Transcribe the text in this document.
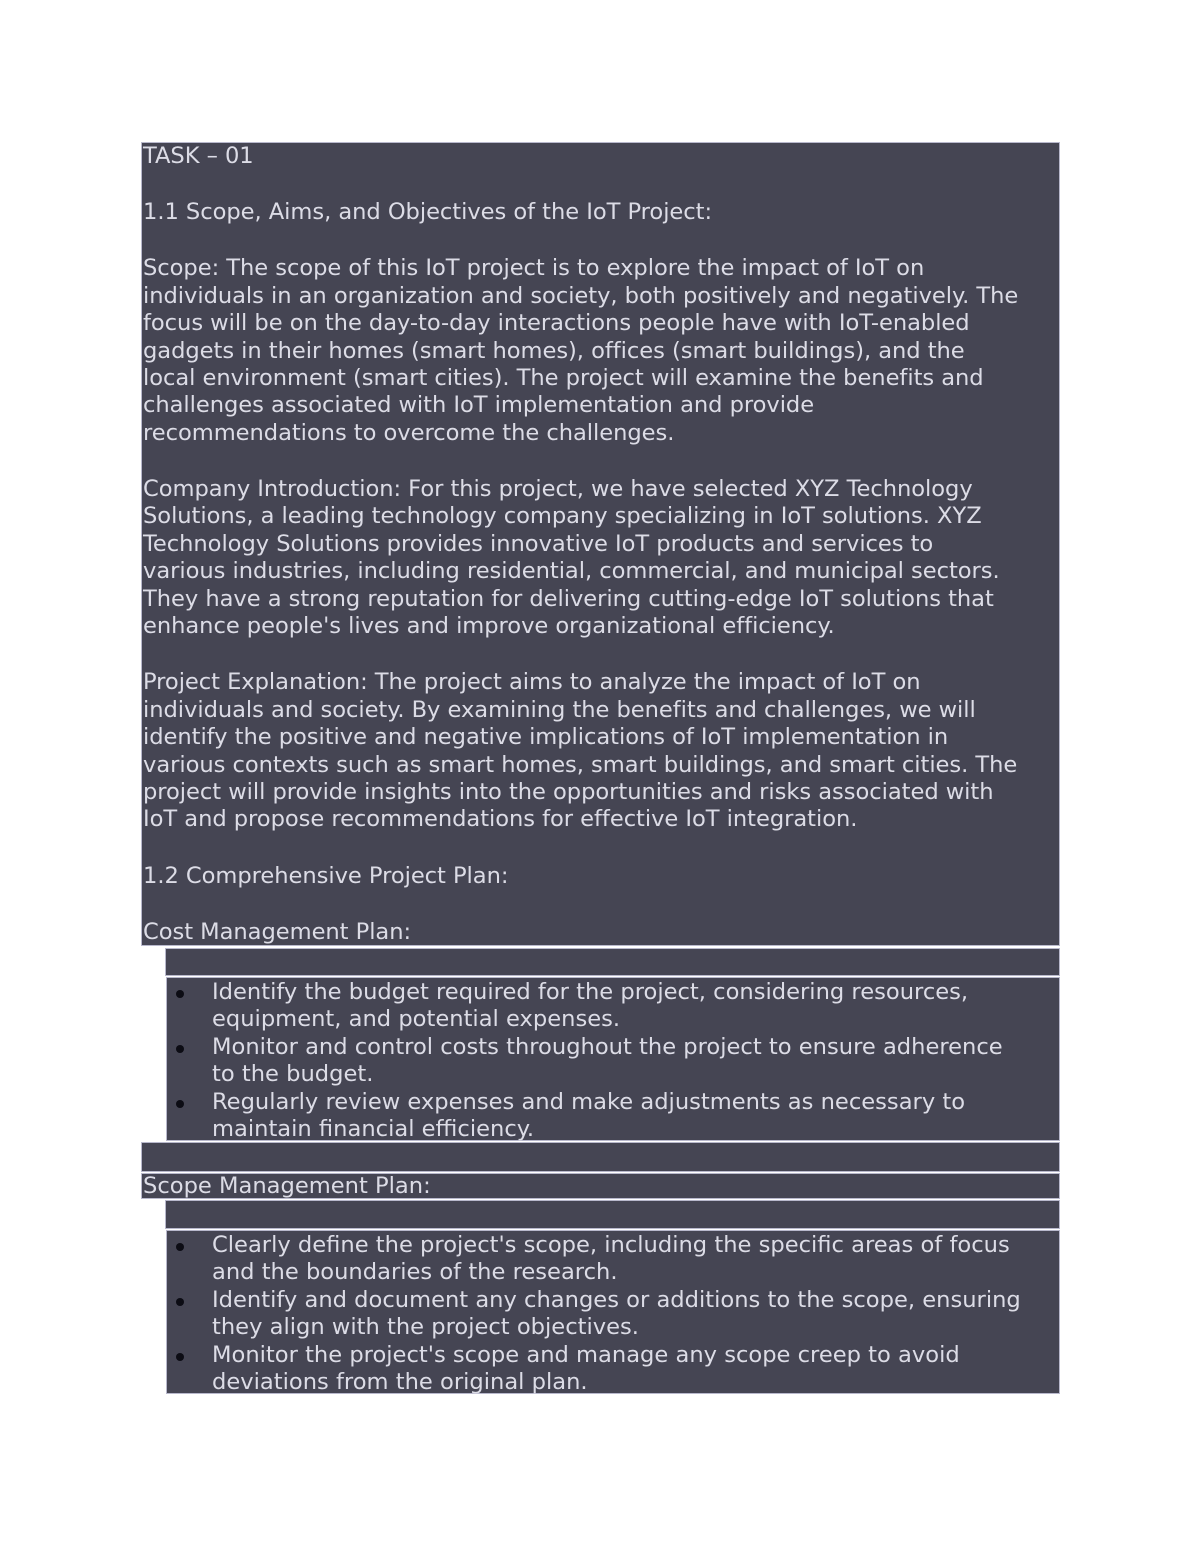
TASK – 01

1.1 Scope, Aims, and Objectives of the IoT Project:

Scope: The scope of this IoT project is to explore the impact of IoT on
individuals in an organization and society, both positively and negatively. The
focus will be on the day-to-day interactions people have with IoT-enabled
gadgets in their homes (smart homes), offices (smart buildings), and the
local environment (smart cities). The project will examine the benefits and
challenges associated with IoT implementation and provide
recommendations to overcome the challenges.

Company Introduction: For this project, we have selected XYZ Technology
Solutions, a leading technology company specializing in IoT solutions. XYZ
Technology Solutions provides innovative IoT products and services to
various industries, including residential, commercial, and municipal sectors.
They have a strong reputation for delivering cutting-edge IoT solutions that
enhance people's lives and improve organizational efficiency.

Project Explanation: The project aims to analyze the impact of IoT on
individuals and society. By examining the benefits and challenges, we will
identify the positive and negative implications of IoT implementation in
various contexts such as smart homes, smart buildings, and smart cities. The
project will provide insights into the opportunities and risks associated with
IoT and propose recommendations for effective IoT integration.

1.2 Comprehensive Project Plan:

Cost Management Plan:

Identify the budget required for the project, considering resources,
equipment, and potential expenses.
Monitor and control costs throughout the project to ensure adherence
to the budget.
Regularly review expenses and make adjustments as necessary to
maintain financial efficiency.
Scope Management Plan:
Clearly define the project's scope, including the specific areas of focus
and the boundaries of the research.
Identify and document any changes or additions to the scope, ensuring
they align with the project objectives.
Monitor the project's scope and manage any scope creep to avoid
deviations from the original plan.
